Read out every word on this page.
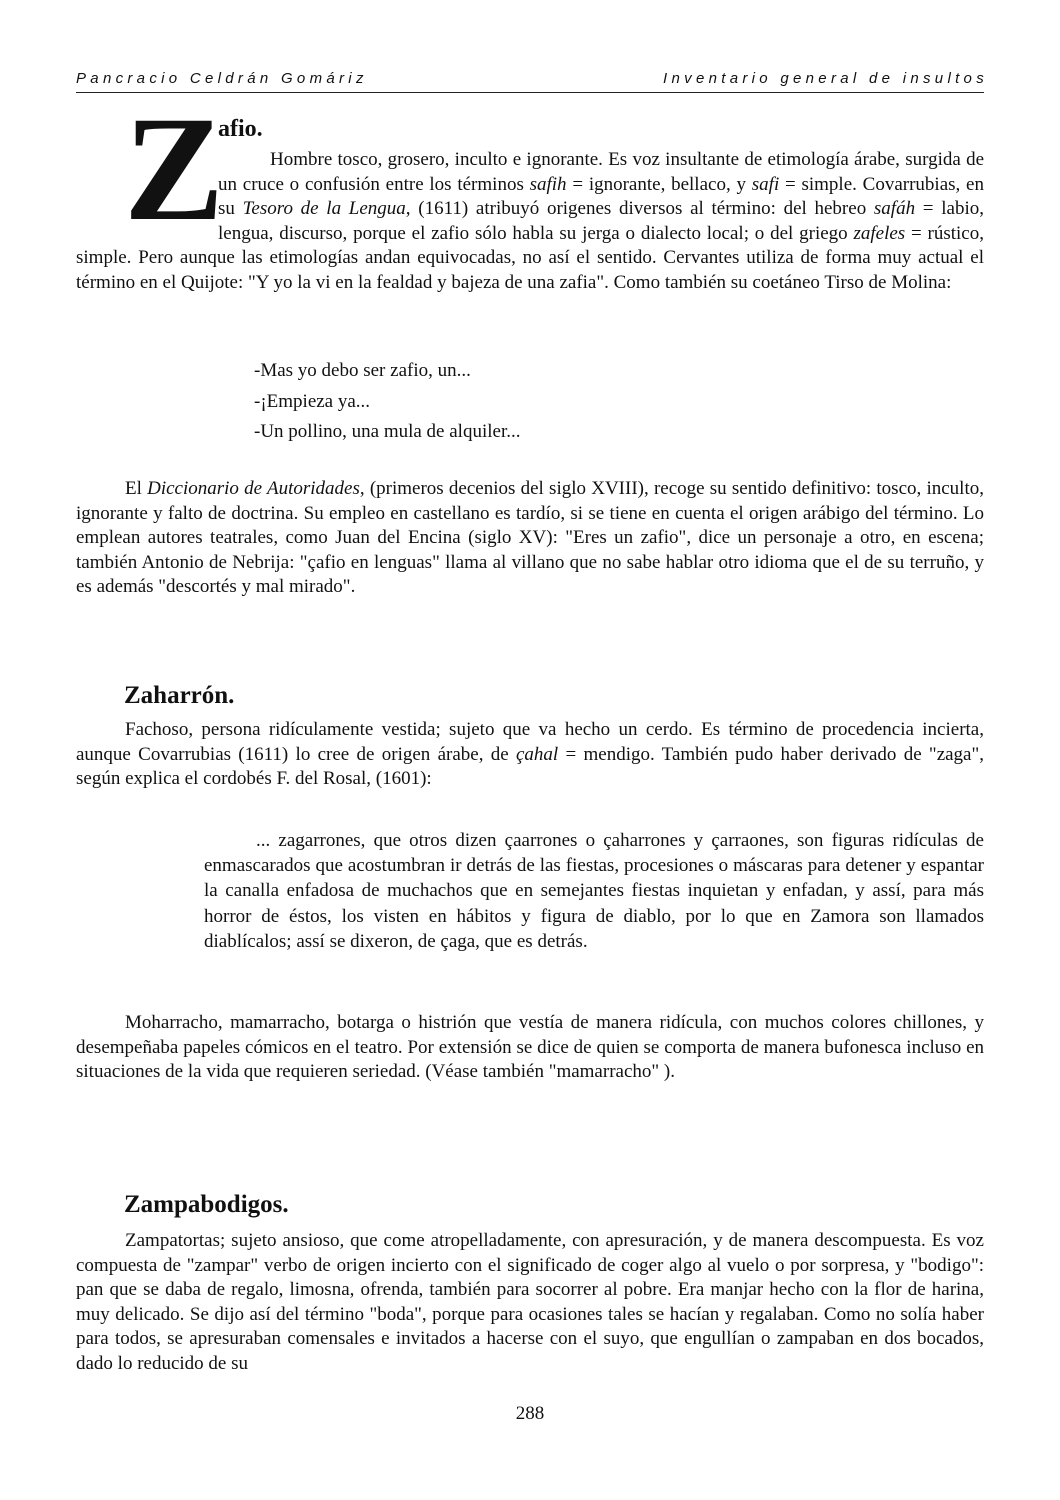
Pancracio Celdrán Gomáriz	Inventario general de insultos
Z
afio.
Hombre tosco, grosero, inculto e ignorante. Es voz insultante de etimología árabe, surgida de un cruce o confusión entre los términos safih = ignorante, bellaco, y safi = simple. Covarrubias, en su Tesoro de la Lengua, (1611) atribuyó origenes diversos al término: del hebreo safáh = labio, lengua, discurso, porque el zafio sólo habla su jerga o dialecto local; o del griego zafeles = rústico, simple. Pero aunque las etimologías andan equivocadas, no así el sentido. Cervantes utiliza de forma muy actual el término en el Quijote: "Y yo la vi en la fealdad y bajeza de una zafia". Como también su coetáneo Tirso de Molina:
-Mas yo debo ser zafio, un...
-¡Empieza ya...
-Un pollino, una mula de alquiler...

El Diccionario de Autoridades, (primeros decenios del siglo XVIII), recoge su sentido definitivo: tosco, inculto, ignorante y falto de doctrina. Su empleo en castellano es tardío, si se tiene en cuenta el origen arábigo del término. Lo emplean autores teatrales, como Juan del Encina (siglo XV): "Eres un zafio", dice un personaje a otro, en escena; también Antonio de Nebrija: "çafio en lenguas" llama al villano que no sabe hablar otro idioma que el de su terruño, y es además "descortés y mal mirado".

Zaharrón.

Fachoso, persona ridículamente vestida; sujeto que va hecho un cerdo. Es término de procedencia incierta, aunque Covarrubias (1611) lo cree de origen árabe, de çahal = mendigo. También pudo haber derivado de "zaga", según explica el cordobés F. del Rosal, (1601):

... zagarrones, que otros dizen çaarrones o çaharrones y çarraones, son figuras ridículas de enmascarados que acostumbran ir detrás de las fiestas, procesiones o máscaras para detener y espantar la canalla enfadosa de muchachos que en semejantes fiestas inquietan y enfadan, y assí, para más horror de éstos, los visten en hábitos y figura de diablo, por lo que en Zamora son llamados diablícalos; assí se dixeron, de çaga, que es detrás.

Moharracho, mamarracho, botarga o histrión que vestía de manera ridícula, con muchos colores chillones, y desempeñaba papeles cómicos en el teatro. Por extensión se dice de quien se comporta de manera bufonesca incluso en situaciones de la vida que requieren seriedad. (Véase también "mamarracho" ).

Zampabodigos.

Zampatortas; sujeto ansioso, que come atropelladamente, con apresuración, y de manera descompuesta. Es voz compuesta de "zampar" verbo de origen incierto con el significado de coger algo al vuelo o por sorpresa, y "bodigo": pan que se daba de regalo, limosna, ofrenda, también para socorrer al pobre. Era manjar hecho con la flor de harina, muy delicado. Se dijo así del término "boda", porque para ocasiones tales se hacían y regalaban. Como no solía haber para todos, se apresuraban comensales e invitados a hacerse con el suyo, que engullían o zampaban en dos bocados, dado lo reducido de su

288
